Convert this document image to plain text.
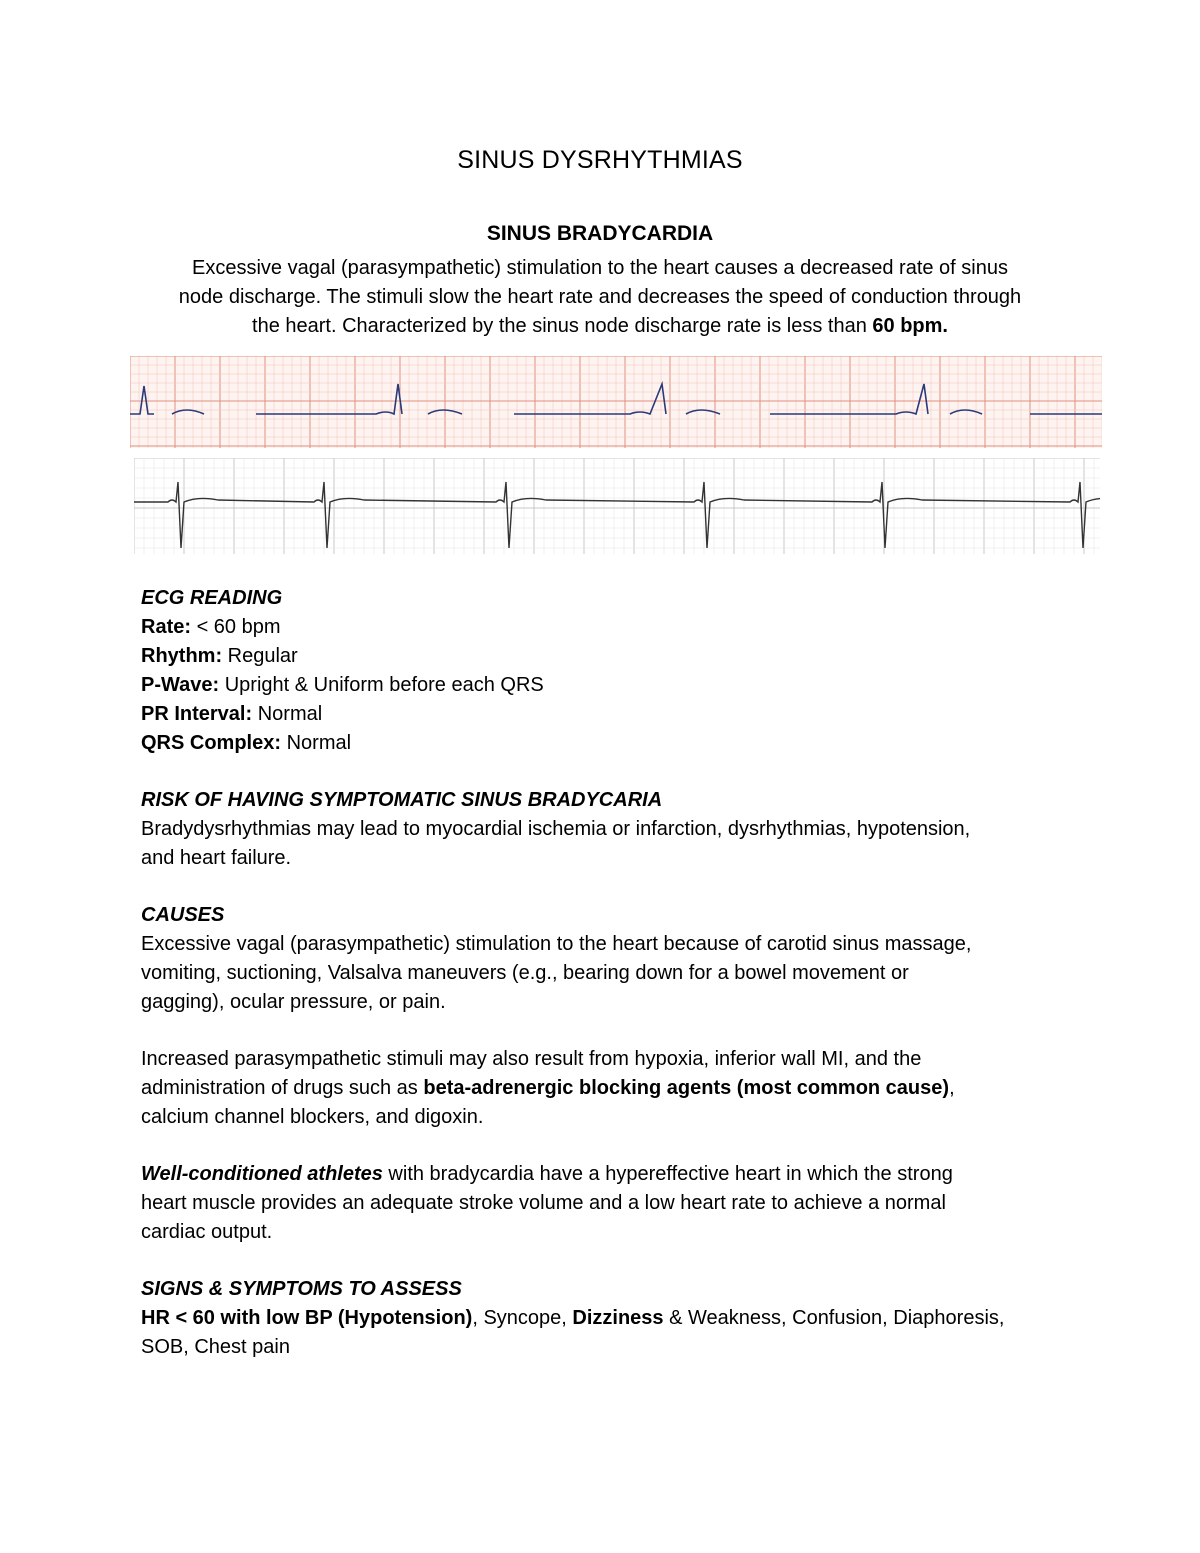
SINUS DYSRHYTHMIAS
SINUS BRADYCARDIA
Excessive vagal (parasympathetic) stimulation to the heart causes a decreased rate of sinus
node discharge. The stimuli slow the heart rate and decreases the speed of conduction through
the heart. Characterized by the sinus node discharge rate is less than 60 bpm.
ECG READING
Rate: < 60 bpm
Rhythm: Regular
P-Wave: Upright & Uniform before each QRS
PR Interval: Normal
QRS Complex: Normal
RISK OF HAVING SYMPTOMATIC SINUS BRADYCARIA
Bradydysrhythmias may lead to myocardial ischemia or infarction, dysrhythmias, hypotension,
and heart failure.
CAUSES
Excessive vagal (parasympathetic) stimulation to the heart because of carotid sinus massage,
vomiting, suctioning, Valsalva maneuvers (e.g., bearing down for a bowel movement or
gagging), ocular pressure, or pain.
Increased parasympathetic stimuli may also result from hypoxia, inferior wall MI, and the
administration of drugs such as beta-adrenergic blocking agents (most common cause),
calcium channel blockers, and digoxin.
Well-conditioned athletes with bradycardia have a hypereffective heart in which the strong
heart muscle provides an adequate stroke volume and a low heart rate to achieve a normal
cardiac output.
SIGNS & SYMPTOMS TO ASSESS
HR < 60 with low BP (Hypotension), Syncope, Dizziness & Weakness, Confusion, Diaphoresis,
SOB, Chest pain
